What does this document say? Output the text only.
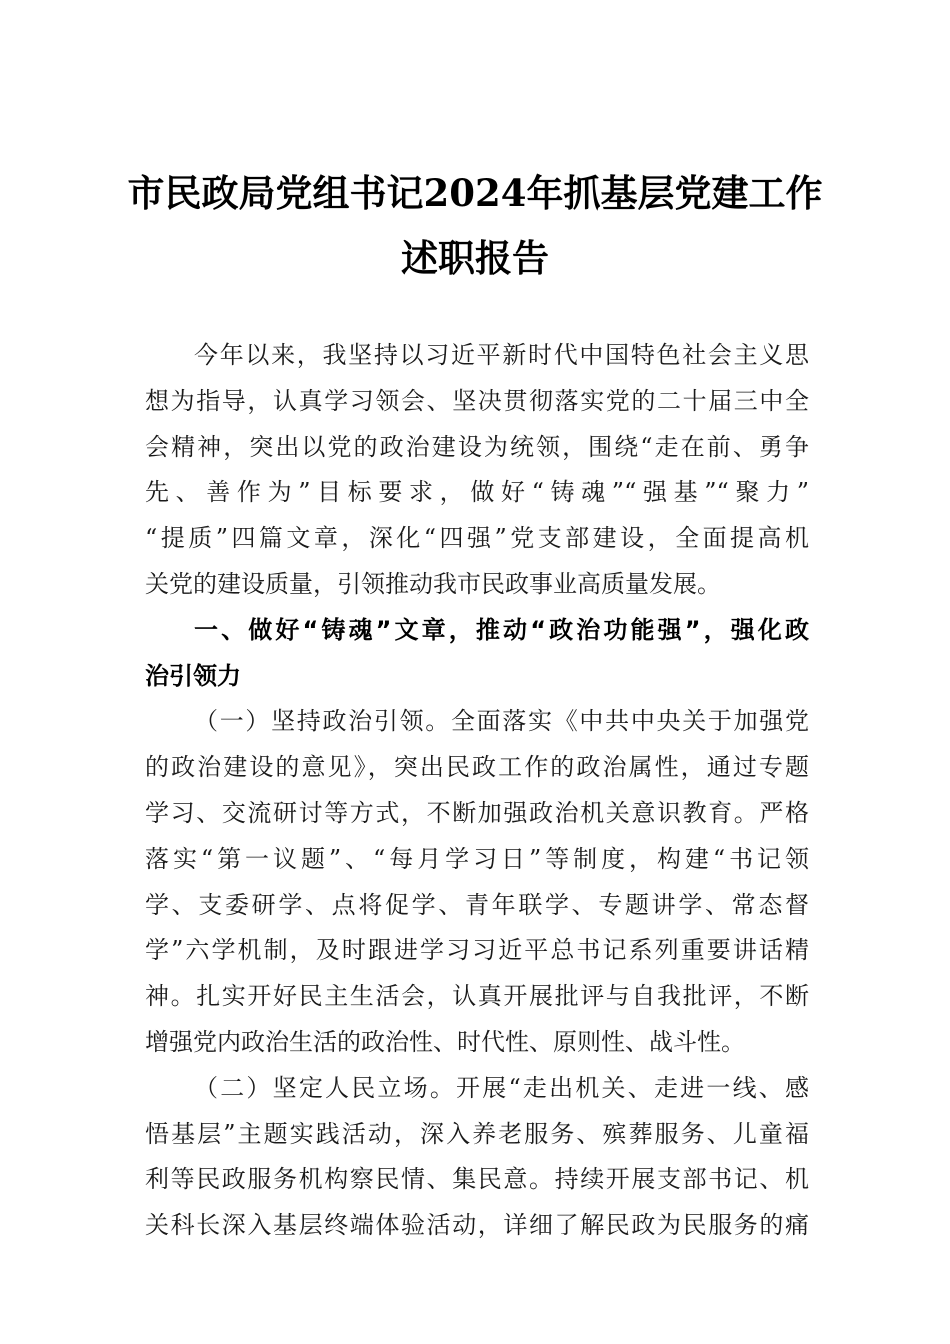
市民政局党组书记2024年抓基层党建工作
述职报告
今年以来，我坚持以习近平新时代中国特色社会主义思
想为指导，认真学习领会、坚决贯彻落实党的二十届三中全
会精神，突出以党的政治建设为统领，围绕“走在前、勇争
先、善作为”目标要求，做好“铸魂”“强基”“聚力”
“提质”四篇文章，深化“四强”党支部建设，全面提高机
关党的建设质量，引领推动我市民政事业高质量发展。
一、做好“铸魂”文章，推动“政治功能强”，强化政
治引领力
（一）坚持政治引领。全面落实《中共中央关于加强党
的政治建设的意见》，突出民政工作的政治属性，通过专题
学习、交流研讨等方式，不断加强政治机关意识教育。严格
落实“第一议题”、“每月学习日”等制度，构建“书记领
学、支委研学、点将促学、青年联学、专题讲学、常态督
学”六学机制，及时跟进学习习近平总书记系列重要讲话精
神。扎实开好民主生活会，认真开展批评与自我批评，不断
增强党内政治生活的政治性、时代性、原则性、战斗性。
（二）坚定人民立场。开展“走出机关、走进一线、感
悟基层”主题实践活动，深入养老服务、殡葬服务、儿童福
利等民政服务机构察民情、集民意。持续开展支部书记、机
关科长深入基层终端体验活动，详细了解民政为民服务的痛
